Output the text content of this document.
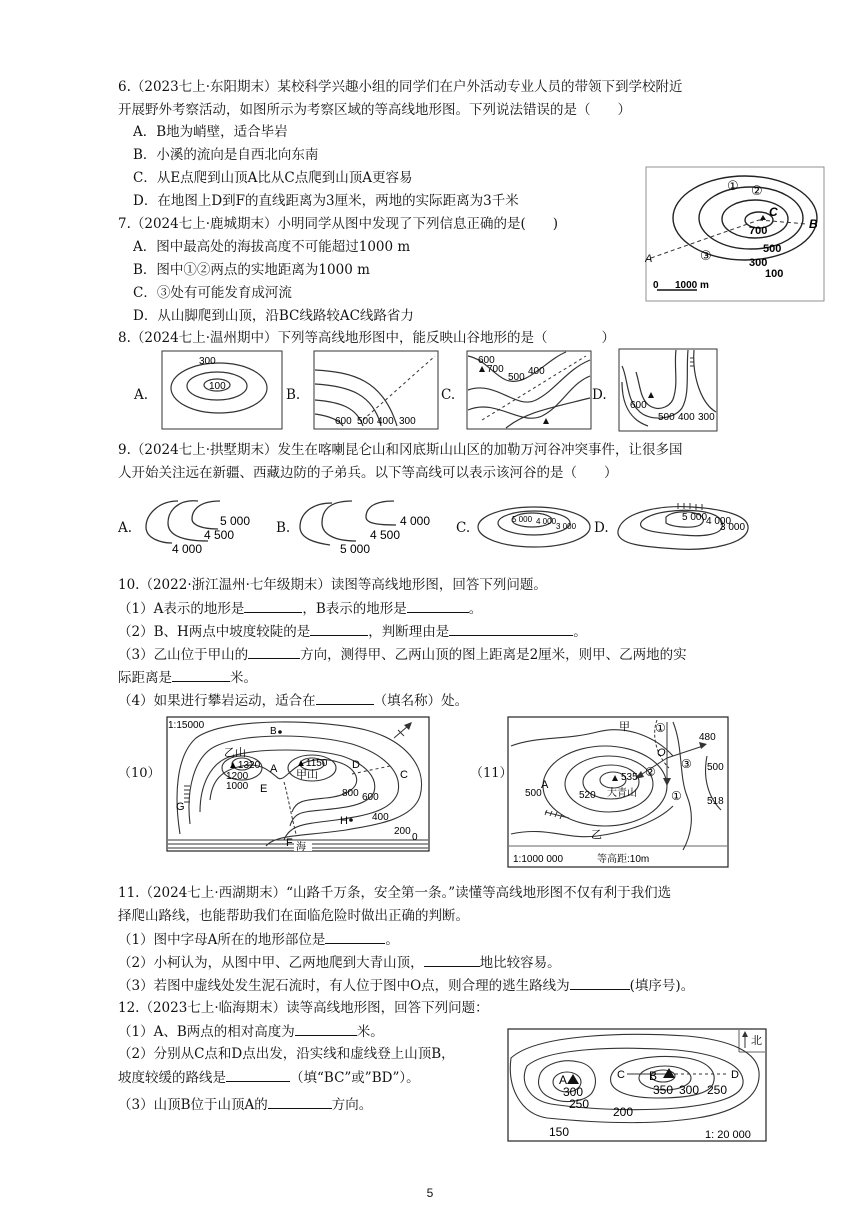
6.（2023七上·东阳期末）某校科学兴趣小组的同学们在户外活动专业人员的带领下到学校附近
开展野外考察活动，如图所示为考察区域的等高线地形图。下列说法错误的是（　　）
A．B地为峭壁，适合毕岩
B．小溪的流向是自西北向东南
C．从E点爬到山顶A比从C点爬到山顶A更容易
D．在地图上D到F的直线距离为3厘米，两地的实际距离为3千米
7.（2024七上·鹿城期末）小明同学从图中发现了下列信息正确的是(　　)
A．图中最高处的海拔高度不可能超过1000 m
B．图中①②两点的实地距离为1000 m
C．③处有可能发育成河流
D．从山脚爬到山顶，沿BC线路较AC线路省力
700
C
500
300
100
B
A
① ②
③
0 1000 m
8.（2024七上·温州期中）下列等高线地形图中，能反映山谷地形的是（　　　　）
A.	B.	C.	D.
300
100
600 500 400 300
600
700
500
400
600
500 400 300
9.（2024七上·拱墅期末）发生在喀喇昆仑山和冈底斯山山区的加勒万河谷冲突事件，让很多国
人开始关注远在新疆、西藏边防的子弟兵。以下等高线可以表示该河谷的是（　　）
A.	B.	C.	D.
5 000
4 500
4 000
4 000
4 500
5 000
5 000 4 000
3 000
5 000
4 000
3 000
10.（2022·浙江温州·七年级期末）读图等高线地形图，回答下列问题。
（1）A表示的地形是	，B表示的地形是	。
（2）B、H两点中坡度较陡的是	，判断理由是	。
（3）乙山位于甲山的	方向，测得甲、乙两山顶的图上距离是2厘米，则甲、乙两地的实
际距离是	米。
（4）如果进行攀岩运动，适合在	（填名称）处。
（10）
1:15000
B
乙山
▲1320
1200
1000
A 甲山
▲1150 D
C
G
E	800 600
400
H
200
0
F 海
（11）
甲 ①
②
③
O
480
500
A
535
520 大青山
500
518
乙
①
1:1000 000	等高距:10m
11.（2024七上·西湖期末）“山路千万条，安全第一条。”读懂等高线地形图不仅有利于我们选
择爬山路线，也能帮助我们在面临危险时做出正确的判断。
（1）图中字母A所在的地形部位是	。
（2）小柯认为，从图中甲、乙两地爬到大青山顶，	地比较容易。
（3）若图中虚线处发生泥石流时，有人位于图中O点，则合理的逃生路线为	(填序号)。
12.（2023七上·临海期末）读等高线地形图，回答下列问题：
（1）A、B两点的相对高度为	米。
（2）分别从C点和D点出发，沿实线和虚线登上山顶B，
坡度较缓的路线是	（填“BC”或”BD”）。
（3）山顶B位于山顶A的	方向。
北
A	B
C	D
300	350 300 250
250
200
150	1: 20 000
5
